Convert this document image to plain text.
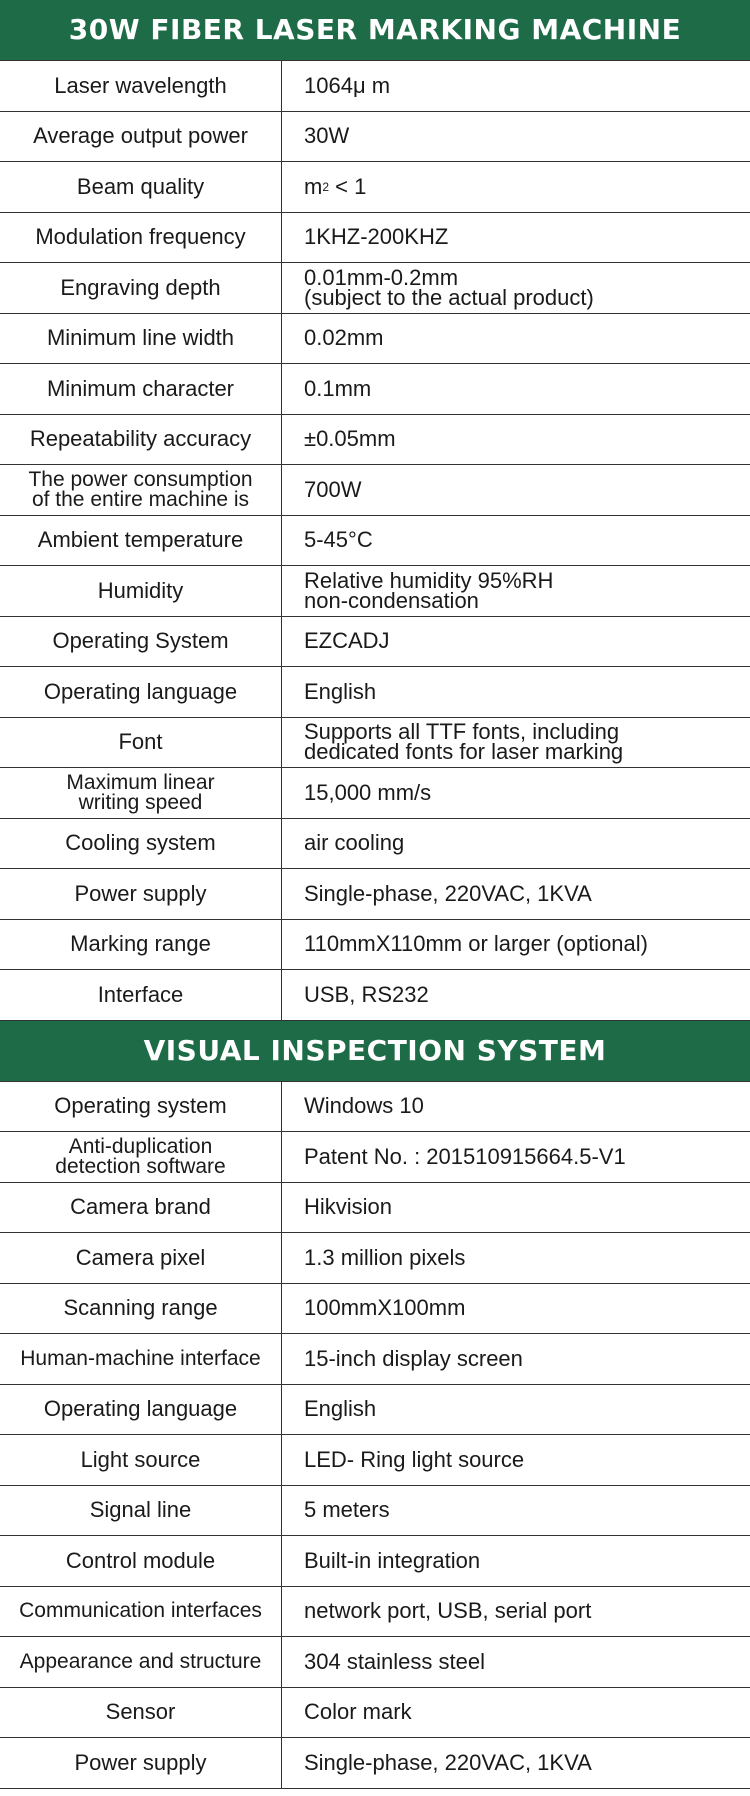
30W FIBER LASER MARKING MACHINE
Laser wavelength	1064μ m
Average output power	30W
Beam quality	m 2 < 1
Modulation frequency	1KHZ-200KHZ
Engraving depth	0.01mm-0.2mm
(subject to the actual product)
Minimum line width	0.02mm
Minimum character	0.1mm
Repeatability accuracy	±0.05mm
The power consumption
of the entire machine is	700W
Ambient temperature	5-45°C
Humidity	Relative humidity 95%RH
non-condensation
Operating System	EZCADJ
Operating language	English
Font	Supports all TTF fonts, including
dedicated fonts for laser marking
Maximum linear
writing speed	15,000 mm/s
Cooling system	air cooling
Power supply	Single-phase, 220VAC, 1KVA
Marking range	110mmX110mm or larger (optional)
Interface	USB, RS232
VISUAL INSPECTION SYSTEM
Operating system	Windows 10
Anti-duplication
detection software	Patent No. : 201510915664.5-V1
Camera brand	Hikvision
Camera pixel	1.3 million pixels
Scanning range	100mmX100mm
Human-machine interface	15-inch display screen
Operating language	English
Light source	LED- Ring light source
Signal line	5 meters
Control module	Built-in integration
Communication interfaces	network port, USB, serial port
Appearance and structure	304 stainless steel
Sensor	Color mark
Power supply	Single-phase, 220VAC, 1KVA
